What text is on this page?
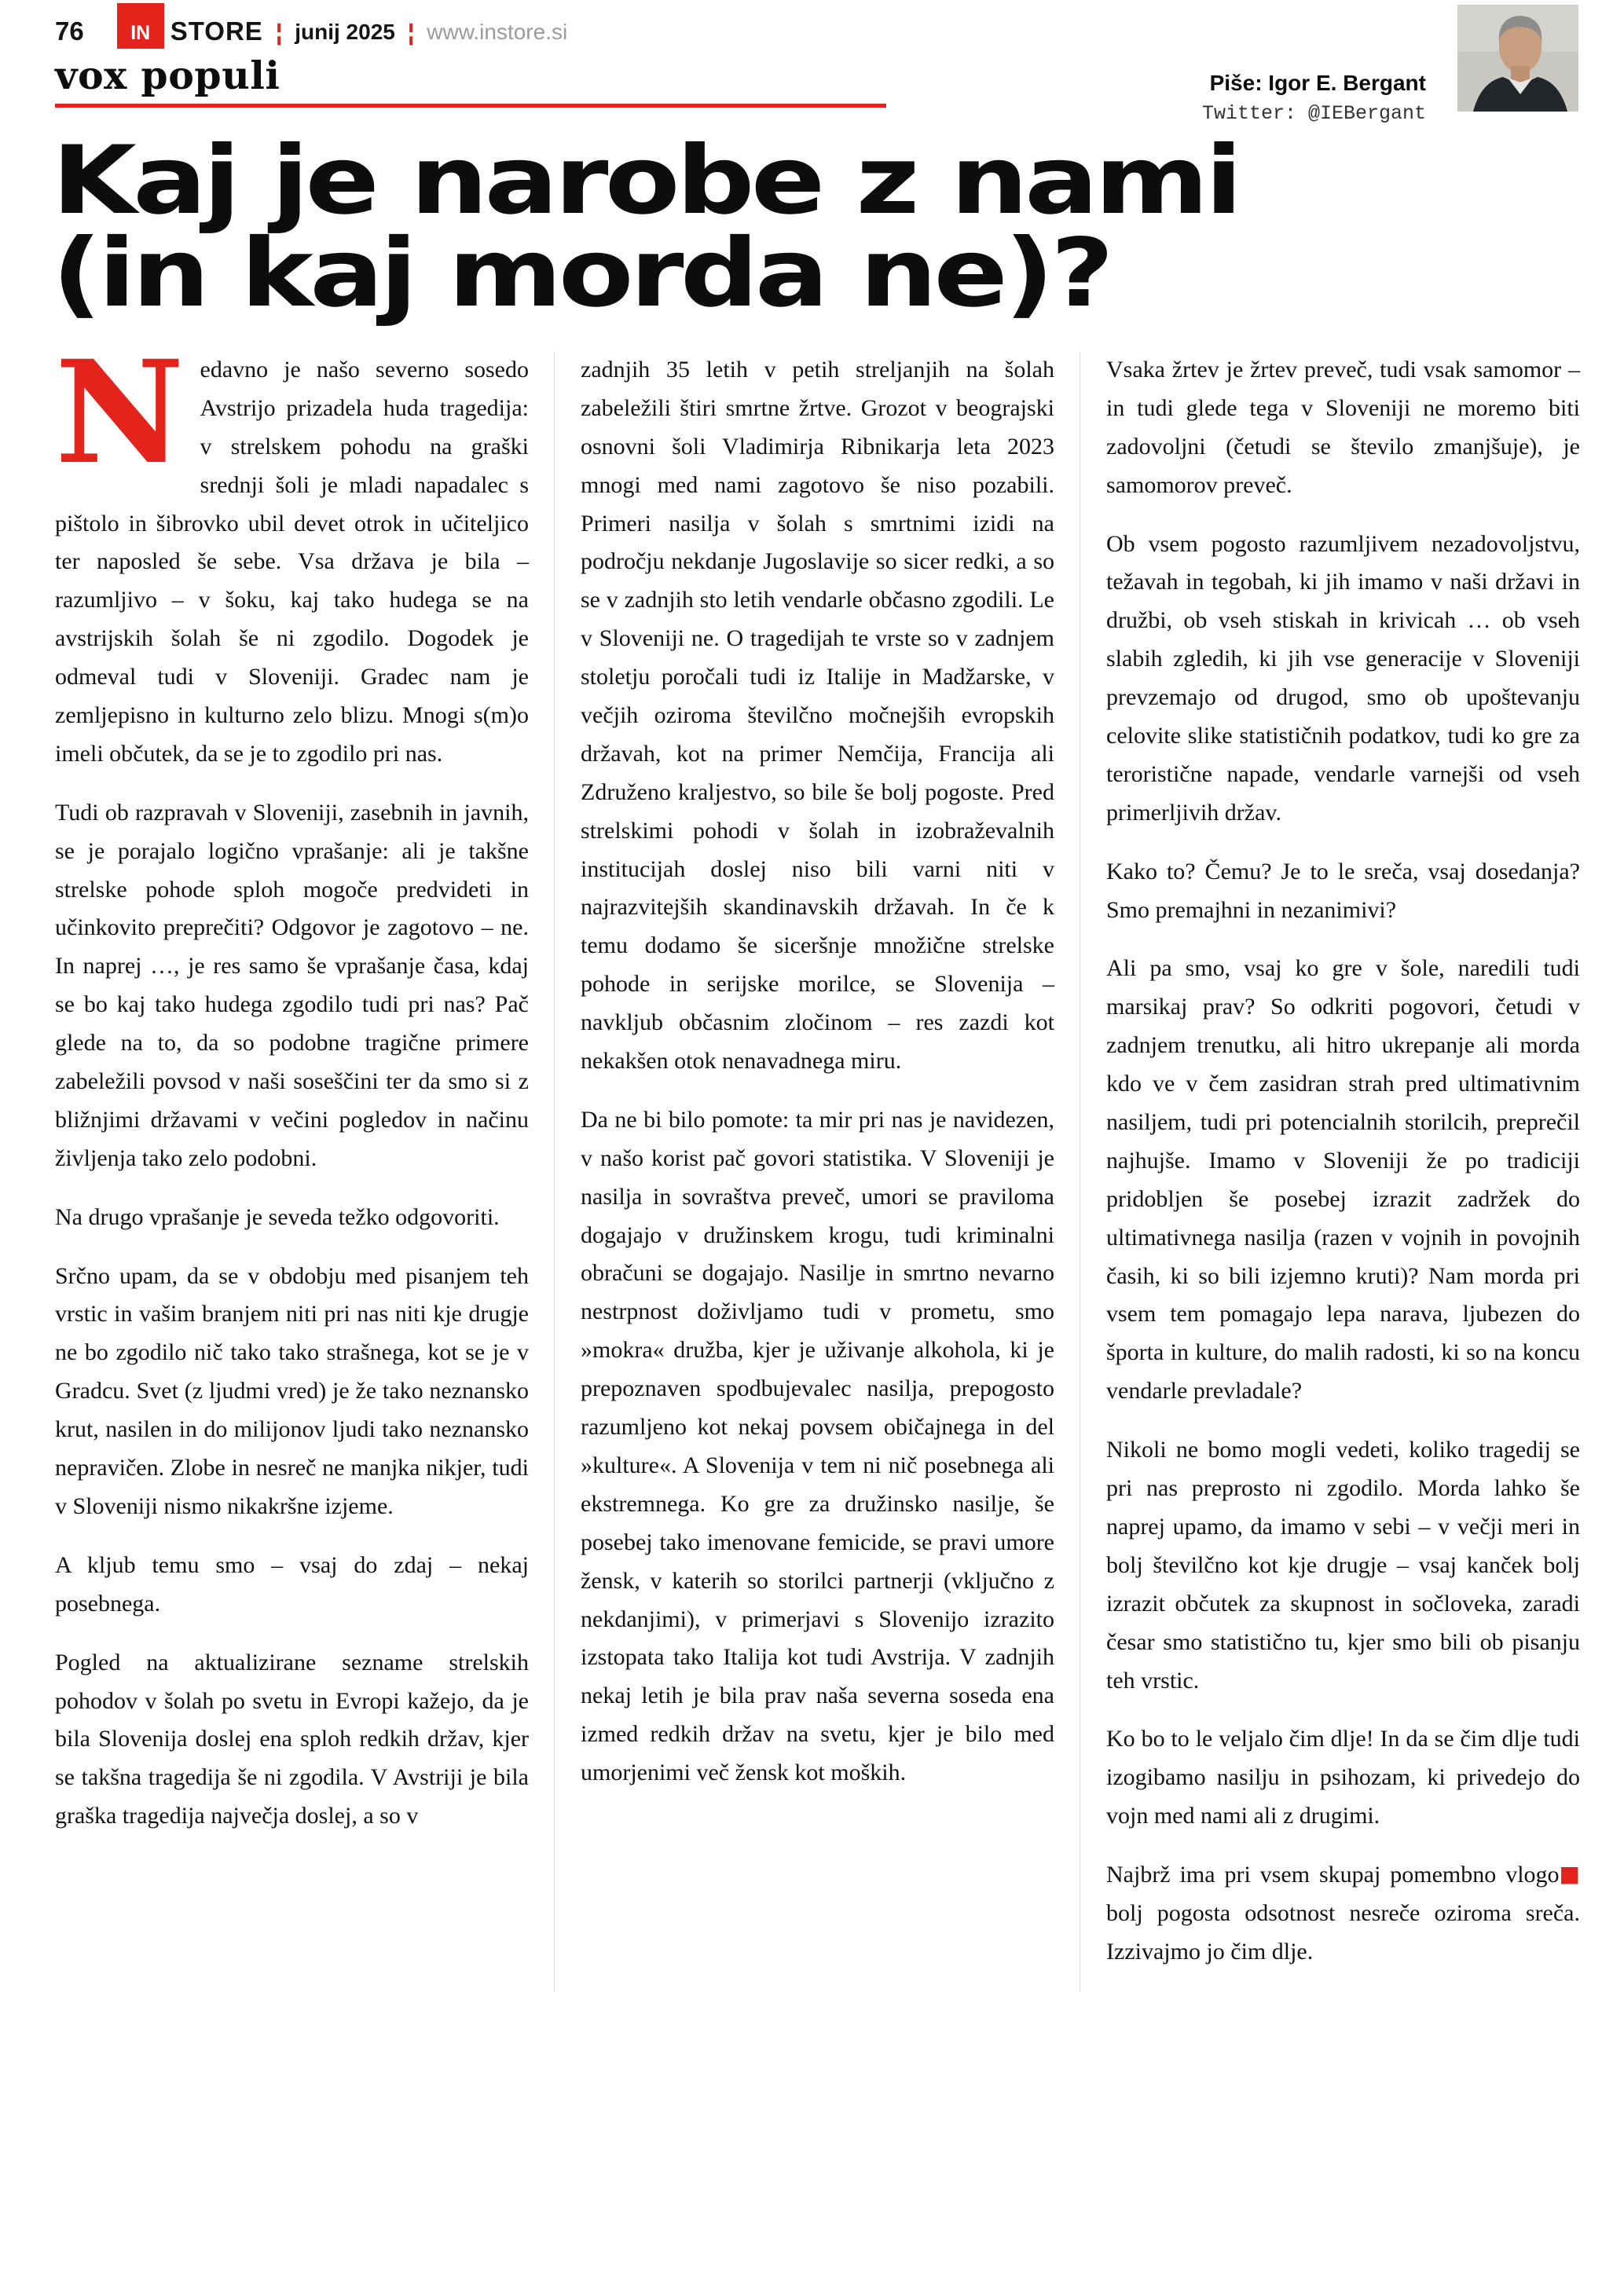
76	IN STORE ¦ junij 2025 ¦ www.instore.si
vox populi	Piše: Igor E. Bergant
Twitter: @IEBergant
Kaj je narobe z nami
(in kaj morda ne)?

Nedavno je našo severno sosedo Avstrijo prizadela huda tragedija: v strelskem pohodu na graški srednji šoli je mladi napadalec s pištolo in šibrovko ubil devet otrok in učiteljico ter naposled še sebe. Vsa država je bila – razumljivo – v šoku, kaj tako hudega se na avstrijskih šolah še ni zgodilo. Dogodek je odmeval tudi v Sloveniji. Gradec nam je zemljepisno in kulturno zelo blizu. Mnogi s(m)o imeli občutek, da se je to zgodilo pri nas.

Tudi ob razpravah v Sloveniji, zasebnih in javnih, se je porajalo logično vprašanje: ali je takšne strelske pohode sploh mogoče predvideti in učinkovito preprečiti? Odgovor je zagotovo – ne. In naprej …, je res samo še vprašanje časa, kdaj se bo kaj tako hudega zgodilo tudi pri nas? Pač glede na to, da so podobne tragične primere zabeležili povsod v naši soseščini ter da smo si z bližnjimi državami v večini pogledov in načinu življenja tako zelo podobni.

Na drugo vprašanje je seveda težko odgovoriti.

Srčno upam, da se v obdobju med pisanjem teh vrstic in vašim branjem niti pri nas niti kje drugje ne bo zgodilo nič tako tako strašnega, kot se je v Gradcu. Svet (z ljudmi vred) je že tako neznansko krut, nasilen in do milijonov ljudi tako neznansko nepravičen. Zlobe in nesreč ne manjka nikjer, tudi v Sloveniji nismo nikakršne izjeme.

A kljub temu smo – vsaj do zdaj – nekaj posebnega.

Pogled na aktualizirane sezname strelskih pohodov v šolah po svetu in Evropi kažejo, da je bila Slovenija doslej ena sploh redkih držav, kjer se takšna tragedija še ni zgodila. V Avstriji je bila graška tragedija največja doslej, a so v

zadnjih 35 letih v petih streljanjih na šolah zabeležili štiri smrtne žrtve. Grozot v beograjski osnovni šoli Vladimirja Ribnikarja leta 2023 mnogi med nami zagotovo še niso pozabili. Primeri nasilja v šolah s smrtnimi izidi na področju nekdanje Jugoslavije so sicer redki, a so se v zadnjih sto letih vendarle občasno zgodili. Le v Sloveniji ne. O tragedijah te vrste so v zadnjem stoletju poročali tudi iz Italije in Madžarske, v večjih oziroma številčno močnejših evropskih državah, kot na primer Nemčija, Francija ali Združeno kraljestvo, so bile še bolj pogoste. Pred strelskimi pohodi v šolah in izobraževalnih institucijah doslej niso bili varni niti v najrazvitejših skandinavskih državah. In če k temu dodamo še siceršnje množične strelske pohode in serijske morilce, se Slovenija – navkljub občasnim zločinom – res zazdi kot nekakšen otok nenavadnega miru.

Da ne bi bilo pomote: ta mir pri nas je navidezen, v našo korist pač govori statistika. V Sloveniji je nasilja in sovraštva preveč, umori se praviloma dogajajo v družinskem krogu, tudi kriminalni obračuni se dogajajo. Nasilje in smrtno nevarno nestrpnost doživljamo tudi v prometu, smo »mokra« družba, kjer je uživanje alkohola, ki je prepoznaven spodbujevalec nasilja, prepogosto razumljeno kot nekaj povsem običajnega in del »kulture«. A Slovenija v tem ni nič posebnega ali ekstremnega. Ko gre za družinsko nasilje, še posebej tako imenovane femicide, se pravi umore žensk, v katerih so storilci partnerji (vključno z nekdanjimi), v primerjavi s Slovenijo izrazito izstopata tako Italija kot tudi Avstrija. V zadnjih nekaj letih je bila prav naša severna soseda ena izmed redkih držav na svetu, kjer je bilo med umorjenimi več žensk kot moških.

Vsaka žrtev je žrtev preveč, tudi vsak samomor – in tudi glede tega v Sloveniji ne moremo biti zadovoljni (četudi se število zmanjšuje), je samomorov preveč.

Ob vsem pogosto razumljivem nezadovoljstvu, težavah in tegobah, ki jih imamo v naši državi in družbi, ob vseh stiskah in krivicah … ob vseh slabih zgledih, ki jih vse generacije v Sloveniji prevzemajo od drugod, smo ob upoštevanju celovite slike statističnih podatkov, tudi ko gre za teroristične napade, vendarle varnejši od vseh primerljivih držav.

Kako to? Čemu? Je to le sreča, vsaj dosedanja? Smo premajhni in nezanimivi?

Ali pa smo, vsaj ko gre v šole, naredili tudi marsikaj prav? So odkriti pogovori, četudi v zadnjem trenutku, ali hitro ukrepanje ali morda kdo ve v čem zasidran strah pred ultimativnim nasiljem, tudi pri potencialnih storilcih, preprečil najhujše. Imamo v Sloveniji že po tradiciji pridobljen še posebej izrazit zadržek do ultimativnega nasilja (razen v vojnih in povojnih časih, ki so bili izjemno kruti)? Nam morda pri vsem tem pomagajo lepa narava, ljubezen do športa in kulture, do malih radosti, ki so na koncu vendarle prevladale?

Nikoli ne bomo mogli vedeti, koliko tragedij se pri nas preprosto ni zgodilo. Morda lahko še naprej upamo, da imamo v sebi – v večji meri in bolj številčno kot kje drugje – vsaj kanček bolj izrazit občutek za skupnost in sočloveka, zaradi česar smo statistično tu, kjer smo bili ob pisanju teh vrstic.

Ko bo to le veljalo čim dlje! In da se čim dlje tudi izogibamo nasilju in psihozam, ki privedejo do vojn med nami ali z drugimi.

■
Najbrž ima pri vsem skupaj pomembno vlogo bolj pogosta odsotnost nesreče oziroma sreča. Izzivajmo jo čim dlje.
